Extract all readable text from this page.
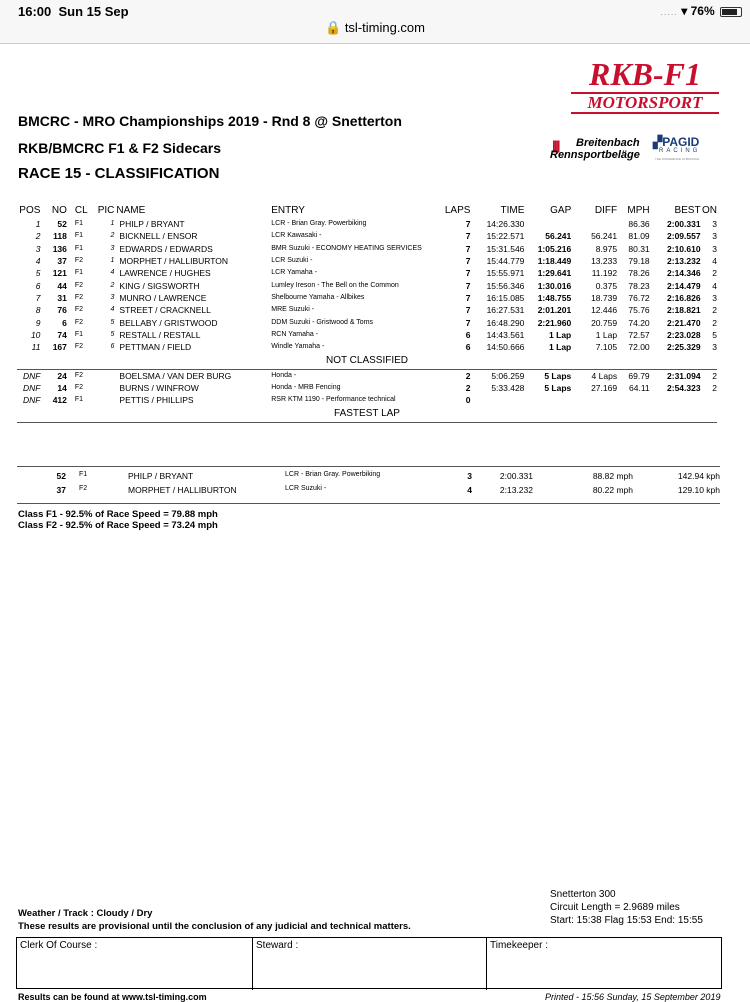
16:00 Sun 15 Sep
🔒 tsl-timing.com
..... ▾ 76%
BMCRC - MRO Championships 2019 - Rnd 8 @ Snetterton
RKB/BMCRC F1 & F2 Sidecars
RACE 15 - CLASSIFICATION
RKB-F1
MOTORSPORT
|||| Breitenbach
Rennsportbeläge
▞PAGID
RACING
THE DIFFERENCE IN BRAKING
POS	NO	CL	PIC	NAME	ENTRY	LAPS	TIME	GAP	DIFF	MPH	BEST	ON
1	52	F1	1	PHILP / BRYANT	LCR - Brian Gray. Powerbiking	7	14:26.330			86.36	2:00.331	3
2	118	F1	2	BICKNELL / ENSOR	LCR Kawasaki -	7	15:22.571	56.241	56.241	81.09	2:09.557	3
3	136	F1	3	EDWARDS / EDWARDS	BMR Suzuki - ECONOMY HEATING SERVICES	7	15:31.546	1:05.216	8.975	80.31	2:10.610	3
4	37	F2	1	MORPHET / HALLIBURTON	LCR Suzuki -	7	15:44.779	1:18.449	13.233	79.18	2:13.232	4
5	121	F1	4	LAWRENCE / HUGHES	LCR Yamaha -	7	15:55.971	1:29.641	11.192	78.26	2:14.346	2
6	44	F2	2	KING / SIGSWORTH	Lumley Ireson - The Bell on the Common	7	15:56.346	1:30.016	0.375	78.23	2:14.479	4
7	31	F2	3	MUNRO / LAWRENCE	Shelbourne Yamaha - Allbikes	7	16:15.085	1:48.755	18.739	76.72	2:16.826	3
8	76	F2	4	STREET / CRACKNELL	MRE Suzuki -	7	16:27.531	2:01.201	12.446	75.76	2:18.821	2
9	6	F2	5	BELLABY / GRISTWOOD	DDM Suzuki - Gristwood & Toms	7	16:48.290	2:21.960	20.759	74.20	2:21.470	2
10	74	F1	5	RESTALL / RESTALL	RCN Yamaha -	6	14:43.561	1 Lap	1 Lap	72.57	2:23.028	5
11	167	F2	6	PETTMAN / FIELD	Windle Yamaha -	6	14:50.666	1 Lap	7.105	72.00	2:25.329	3
NOT CLASSIFIED												
DNF	24	F2		BOELSMA / VAN DER BURG	Honda -	2	5:06.259	5 Laps	4 Laps	69.79	2:31.094	2
DNF	14	F2		BURNS / WINFROW	Honda - MRB Fencing	2	5:33.428	5 Laps	27.169	64.11	2:54.323	2
DNF	412	F1		PETTIS / PHILLIPS	RSR KTM 1190 - Performance technical	0						
FASTEST LAP												
52 F1	PHILP / BRYANT	LCR - Brian Gray. Powerbiking	3	2:00.331	88.82 mph	142.94 kph
37 F2	MORPHET / HALLIBURTON	LCR Suzuki -	4	2:13.232	80.22 mph	129.10 kph
Class F1 - 92.5% of Race Speed = 79.88 mph
Class F2 - 92.5% of Race Speed = 73.24 mph
Snetterton 300
Circuit Length = 2.9689 miles
Start: 15:38 Flag 15:53 End: 15:55
Weather / Track : Cloudy / Dry
These results are provisional until the conclusion of any judicial and technical matters.
Clerk Of Course :	Steward :	Timekeeper :
Results can be found at www.tsl-timing.com	Printed - 15:56 Sunday, 15 September 2019
